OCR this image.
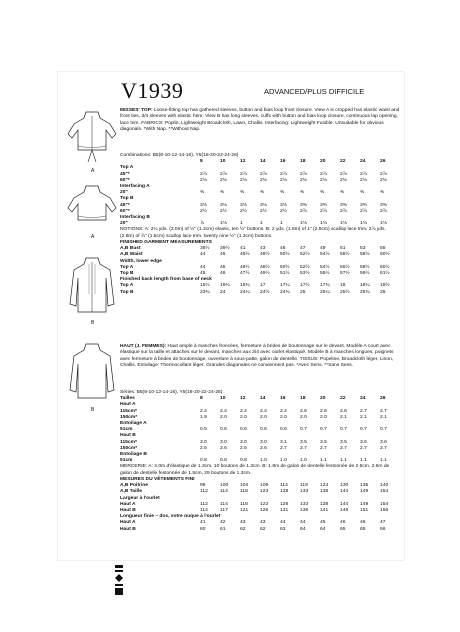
V1939	ADVANCED/PLUS DIFFICILE
A
A
B
B
MISSES' TOP: Loose-fitting top has gathered sleeves, button and bias loop front closure. View A is cropped has elastic waist and front ties, 3/4 sleeves with elastic hem. View B has long sleeves, cuffs with button and bias loop closure, continuous lap opening, lace trim. FABRICS: Poplin, Lightweight Broadcloth, Lawn, Challis. Interfacing: Lightweight Fusible. Unsuitable for obvious diagonals. *With Nap. **Without Nap.
Combinations: B5(8-10-12-14-16), Y5(18-20-22-24-26)
8	10	12	14	16	18	20	22	24	26
Top A
45"*	2⅞	2⅞	2⅞	2⅞	2⅞	2⅞	2⅞	2⅞	2⅞	2⅞
60"*	2⅛	2⅛	2⅛	2⅛	2⅛	2⅛	2⅛	2⅛	2⅛	2⅛
Interfacing A
20"	⅜	⅜	⅜	⅜	⅜	⅜	⅜	⅜	⅜	⅜
Top B
45"*	3⅛	3⅛	3⅛	3⅛	3⅛	3⅜	3⅜	3⅜	3⅜	3⅜
60"*	2½	2½	2½	2½	2½	2⅞	2⅞	2⅞	2⅞	2⅞
Interfacing B
20"	⅞	1⅛	1	1	1	1⅛	1⅛	1⅛	1⅛	1⅛
NOTIONS: A: 2¼ yds. (2.0m) of ½" (1.3cm) elastic, ten ½" buttons. B: 2 yds. (1.8m) of 1" (2.5cm) scallop lace trim, 2⅞ yds. (2.6m) of ⅞" (1.5cm) scallop lace trim, twenty nine ½" (1.3cm) buttons.
FINISHED GARMENT MEASUREMENTS
A,B Bust	38½ 39½ 41	43	46	47	49	51	53	55
A,B Waist	44	45	46½ 48½ 50½ 52½ 54½ 56½ 58½ 60½
Width, lower edge
Top A	44	45	46½ 48½ 50½ 52½ 54½ 56½ 58½ 60½
Top B	45	46	47½ 49½ 51½ 53½ 55½ 57½ 59½ 61½
Finished back length from base of neck
Top A	16½ 16¾ 16¾ 17	17¼ 17½ 17¾ 18	18¼ 18½
Top B	23¾ 24	24¼ 24½ 24¾ 25	25¼ 25½ 25¾ 26
HAUT (J. FEMMES): Haut ample à manches froncées, fermeture à brides de boutonnage sur le devant. Modèle A court avec élastique sur la taille et attaches sur le devant, manches aux 3/4 avec ourlet élastiqué. Modèle B à manches longues, poignets avec fermeture à brides de boutonnage, ouverture à sous-patte, galon de dentelle. TISSUS: Popeline, Broadcloth léger, Linon, Challis. Entoilage: Thermocollant léger. Grandes diagonales ne conviennent pas. *Avec Sens. **Sans Sens.
Séries: B5(8-10-12-14-16), Y5(18-20-22-24-26)
Tailles	8	10	12	14	16	18	20	22	24	26
Haut A
115cm*	2.4	2.4	2.4	2.4	2.4	2.6	2.6	2.6	2.7	2.7
150cm*	1.9	2.0	2.0	2.0	2.0	2.0	2.0	2.1	2.1	2.1
Entoilage A
51cm	0.5	0.6	0.6	0.6	0.6	0.7	0.7	0.7	0.7	0.7
Haut B
115cm*	3.0	3.0	3.0	3.0	3.1	3.5	3.5	3.5	3.6	3.6
150cm*	2.6	2.6	2.6	2.6	2.7	2.7	2.7	2.7	2.7	2.7
Entoilage B
51cm	0.8	0.8	0.8	1.0	1.0	1.0	1.1	1.1	1.1	1.1
MERCERIE: A: 2.0m d'élastique de 1.3cm, 10 boutons de 1.3cm. B: 1.8m de galon de dentelle festonnée de 2.5cm. 2.6m de galon de dentelle festonnée de 1.5cm, 29 boutons de 1.3cm.
MESURES DU VÊTEMENTS FINI
A,B Poitrine	98	100 104 109 114 119 124 130 135 140
A,B Taille	112 114 118 123 128 133 138 144 149 154
Largeur à l'ourlet
Haut A	112 114 118 123 128 133 138 144 149 154
Haut B	114 117 121 126 131 136 141 146 151 156
Longueur finie – dos, votre nuque à l'ourlet
Haut A	41	42	43	43	44	44	45	46	46	47
Haut B	60	61	62	62	63	64	64	65	65	66
